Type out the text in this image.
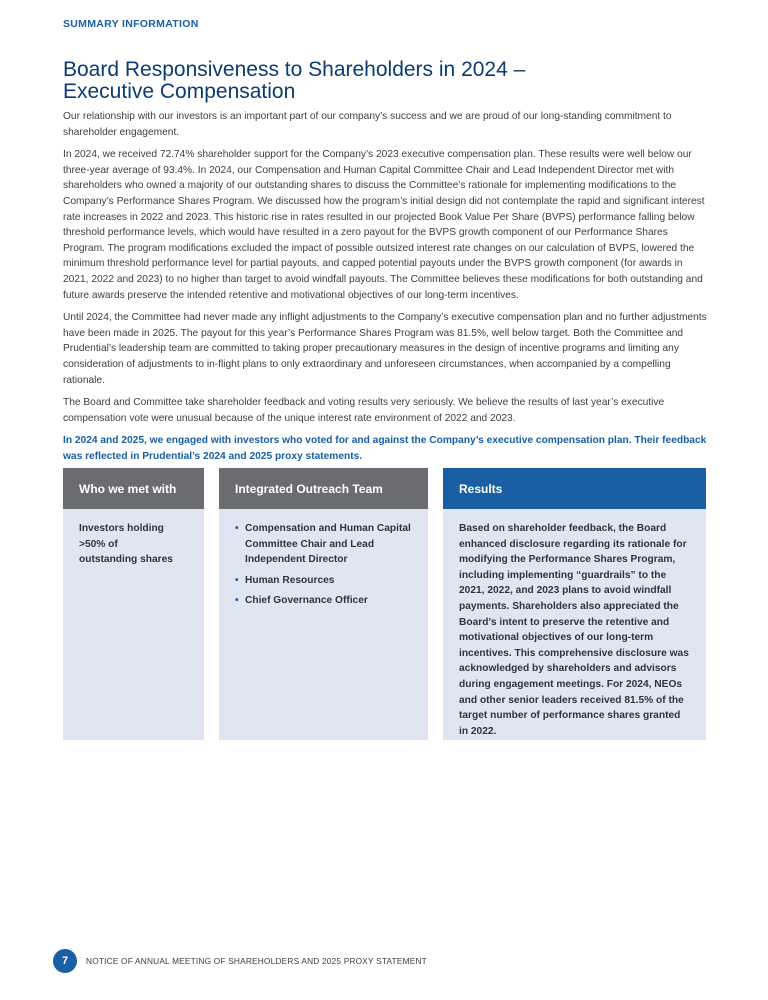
SUMMARY INFORMATION
Board Responsiveness to Shareholders in 2024 –
Executive Compensation

Our relationship with our investors is an important part of our company’s success and we are proud of our long-standing commitment to shareholder engagement.

In 2024, we received 72.74% shareholder support for the Company’s 2023 executive compensation plan. These results were well below our three-year average of 93.4%. In 2024, our Compensation and Human Capital Committee Chair and Lead Independent Director met with shareholders who owned a majority of our outstanding shares to discuss the Committee’s rationale for implementing modifications to the Company’s Performance Shares Program. We discussed how the program’s initial design did not contemplate the rapid and significant interest rate increases in 2022 and 2023. This historic rise in rates resulted in our projected Book Value Per Share (BVPS) performance falling below threshold performance levels, which would have resulted in a zero payout for the BVPS growth component of our Performance Shares Program. The program modifications excluded the impact of possible outsized interest rate changes on our calculation of BVPS, lowered the minimum threshold performance level for partial payouts, and capped potential payouts under the BVPS growth component (for awards in 2021, 2022 and 2023) to no higher than target to avoid windfall payouts. The Committee believes these modifications for both outstanding and future awards preserve the intended retentive and motivational objectives of our long-term incentives.

Until 2024, the Committee had never made any inflight adjustments to the Company’s executive compensation plan and no further adjustments have been made in 2025. The payout for this year’s Performance Shares Program was 81.5%, well below target. Both the Committee and Prudential’s leadership team are committed to taking proper precautionary measures in the design of incentive programs and limiting any consideration of adjustments to in-flight plans to only extraordinary and unforeseen circumstances, when accompanied by a compelling rationale.

The Board and Committee take shareholder feedback and voting results very seriously. We believe the results of last year’s executive compensation vote were unusual because of the unique interest rate environment of 2022 and 2023.

In 2024 and 2025, we engaged with investors who voted for and against the Company’s executive compensation plan. Their feedback was reflected in Prudential’s 2024 and 2025 proxy statements.

Who we met with
Investors holding
>50% of
outstanding shares
Integrated Outreach Team
• Compensation and Human Capital Committee Chair and Lead Independent Director
• Human Resources
• Chief Governance Officer
Results
Based on shareholder feedback, the Board enhanced disclosure regarding its rationale for modifying the Performance Shares Program, including implementing “guardrails” to the 2021, 2022, and 2023 plans to avoid windfall payments. Shareholders also appreciated the Board’s intent to preserve the retentive and motivational objectives of our long-term incentives. This comprehensive disclosure was acknowledged by shareholders and advisors during engagement meetings. For 2024, NEOs and other senior leaders received 81.5% of the target number of performance shares granted in 2022.
7	NOTICE OF ANNUAL MEETING OF SHAREHOLDERS AND 2025 PROXY STATEMENT
